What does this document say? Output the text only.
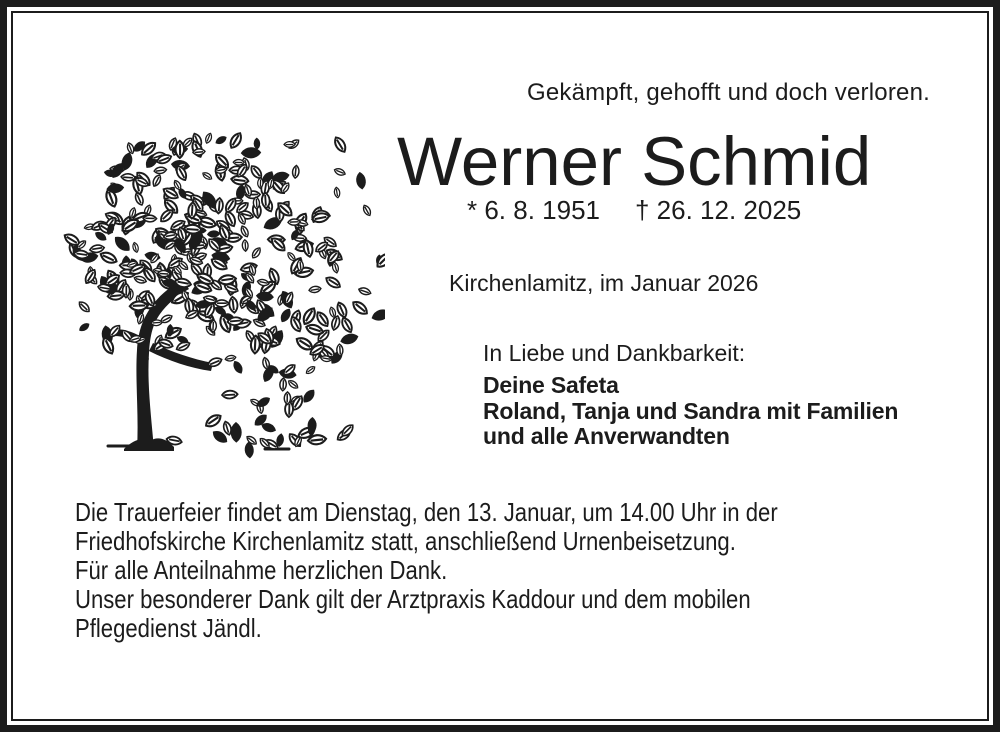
Gekämpft, gehofft und doch verloren.
Werner Schmid
* 6. 8. 1951 † 26. 12. 2025
Kirchenlamitz, im Januar 2026
In Liebe und Dankbarkeit:
Deine Safeta
Roland, Tanja und Sandra mit Familien
und alle Anverwandten

Die Trauerfeier findet am Dienstag, den 13. Januar, um 14.00 Uhr in der
Friedhofskirche Kirchenlamitz statt, anschließend Urnenbeisetzung.

Für alle Anteilnahme herzlichen Dank.

Unser besonderer Dank gilt der Arztpraxis Kaddour und dem mobilen
Pflegedienst Jändl.
